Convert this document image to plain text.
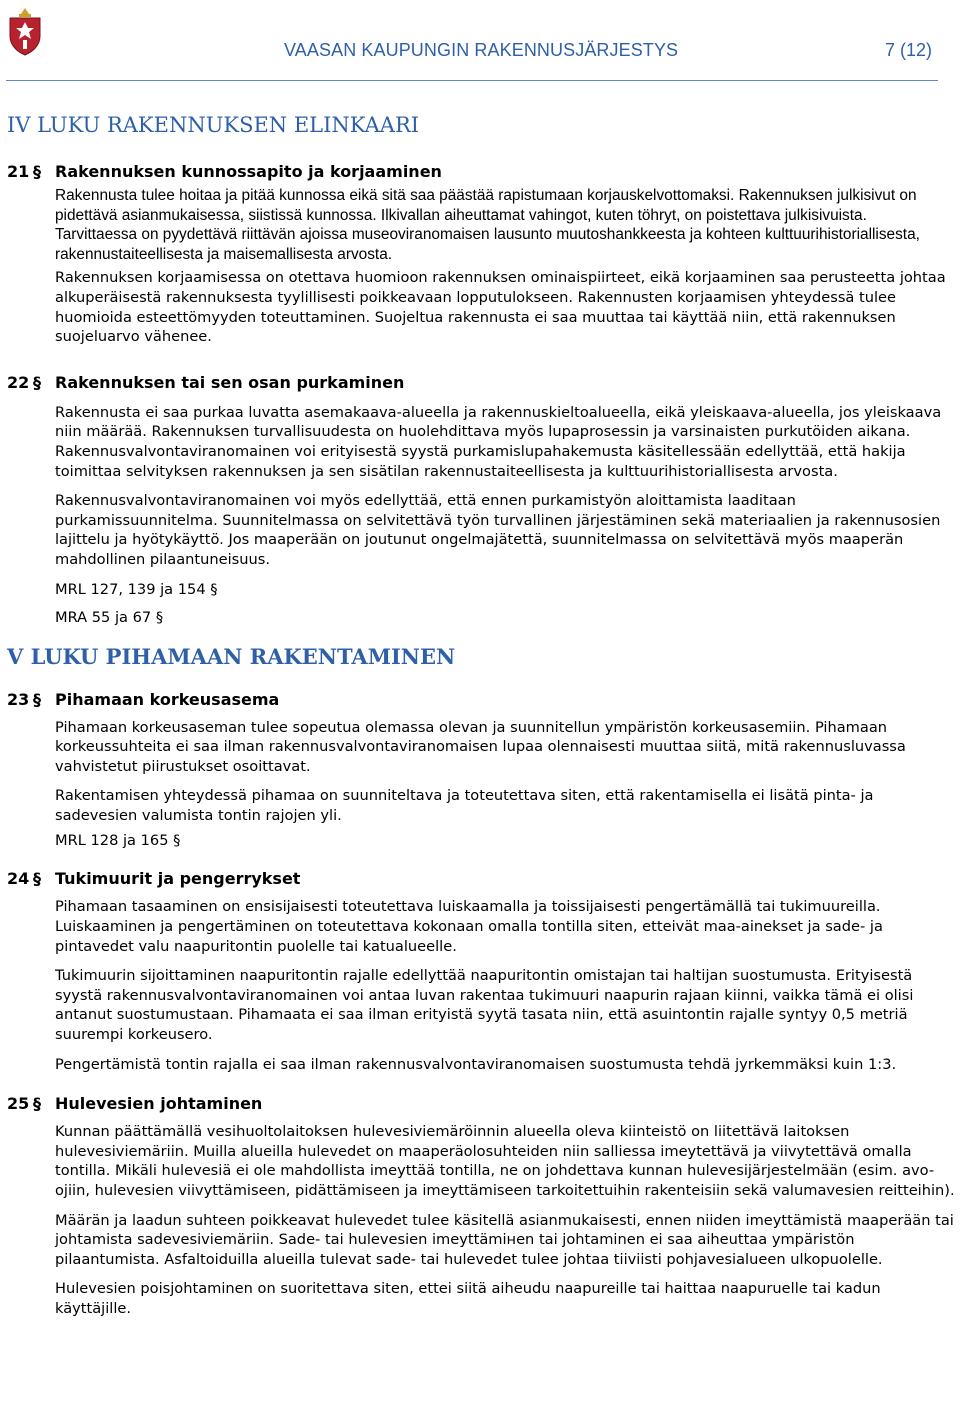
VAASAN KAUPUNGIN RAKENNUSJÄRJESTYS	7 (12)
IV LUKU RAKENNUKSEN ELINKAARI
21 § Rakennuksen kunnossapito ja korjaaminen

Rakennusta tulee hoitaa ja pitää kunnossa eikä sitä saa päästää rapistumaan korjauskelvottomaksi. Rakennuksen julkisivut on pidettävä asianmukaisessa, siistissä kunnossa. Ilkivallan aiheuttamat vahingot, kuten töhryt, on poistettava julkisivuista.

Tarvittaessa on pyydettävä riittävän ajoissa museoviranomaisen lausunto muutoshankkeesta ja kohteen kulttuurihistoriallisesta, rakennustaiteellisesta ja maisemallisesta arvosta.

Rakennuksen korjaamisessa on otettava huomioon rakennuksen ominaispiirteet, eikä korjaaminen saa perusteetta johtaa alkuperäisestä rakennuksesta tyylillisesti poikkeavaan lopputulokseen. Rakennusten korjaamisen yhteydessä tulee huomioida esteettömyyden toteuttaminen. Suojeltua rakennusta ei saa muuttaa tai käyttää niin, että rakennuksen suojeluarvo vähenee.

22 § Rakennuksen tai sen osan purkaminen

Rakennusta ei saa purkaa luvatta asemakaava-alueella ja rakennuskieltoalueella, eikä yleiskaava-alueella, jos yleiskaava niin määrää. Rakennuksen turvallisuudesta on huolehdittava myös lupaprosessin ja varsinaisten purkutöiden aikana. Rakennusvalvontaviranomainen voi erityisestä syystä purkamislupahakemusta käsitellessään edellyttää, että hakija toimittaa selvityksen rakennuksen ja sen sisätilan rakennustaiteellisesta ja kulttuurihistoriallisesta arvosta.

Rakennusvalvontaviranomainen voi myös edellyttää, että ennen purkamistyön aloittamista laaditaan purkamissuunnitelma. Suunnitelmassa on selvitettävä työn turvallinen järjestäminen sekä materiaalien ja rakennusosien lajittelu ja hyötykäyttö. Jos maaperään on joutunut ongelmajätettä, suunnitelmassa on selvitettävä myös maaperän mahdollinen pilaantuneisuus.

MRL 127, 139 ja 154 §
MRA 55 ja 67 §
V LUKU PIHAMAAN RAKENTAMINEN
23 § Pihamaan korkeusasema

Pihamaan korkeusaseman tulee sopeutua olemassa olevan ja suunnitellun ympäristön korkeusasemiin. Pihamaan korkeussuhteita ei saa ilman rakennusvalvontaviranomaisen lupaa olennaisesti muuttaa siitä, mitä rakennusluvassa vahvistetut piirustukset osoittavat.

Rakentamisen yhteydessä pihamaa on suunniteltava ja toteutettava siten, että rakentamisella ei lisätä pinta- ja sadevesien valumista tontin rajojen yli.

MRL 128 ja 165 §
24 § Tukimuurit ja pengerrykset

Pihamaan tasaaminen on ensisijaisesti toteutettava luiskaamalla ja toissijaisesti pengertämällä tai tukimuureilla. Luiskaaminen ja pengertäminen on toteutettava kokonaan omalla tontilla siten, etteivät maa-ainekset ja sade- ja pintavedet valu naapuritontin puolelle tai katualueelle.

Tukimuurin sijoittaminen naapuritontin rajalle edellyttää naapuritontin omistajan tai haltijan suostumusta. Erityisestä syystä rakennusvalvontaviranomainen voi antaa luvan rakentaa tukimuuri naapurin rajaan kiinni, vaikka tämä ei olisi antanut suostumustaan. Pihamaata ei saa ilman erityistä syytä tasata niin, että asuintontin rajalle syntyy 0,5 metriä suurempi korkeusero.

Pengertämistä tontin rajalla ei saa ilman rakennusvalvontaviranomaisen suostumusta tehdä jyrkemmäksi kuin 1:3.

25 § Hulevesien johtaminen

Kunnan päättämällä vesihuoltolaitoksen hulevesiviemäröinnin alueella oleva kiinteistö on liitettävä laitoksen hulevesiviemäriin. Muilla alueilla hulevedet on maaperäolosuhteiden niin salliessa imeytettävä ja viivytettävä omalla tontilla. Mikäli hulevesiä ei ole mahdollista imeyttää tontilla, ne on johdettava kunnan hulevesijärjestelmään (esim. avo-ojiin, hulevesien viivyttämiseen, pidättämiseen ja imeyttämiseen tarkoitettuihin rakenteisiin sekä valumavesien reitteihin).

Määrän ja laadun suhteen poikkeavat hulevedet tulee käsitellä asianmukaisesti, ennen niiden imeyttämistä maaperään tai johtamista sadevesiviemäriin. Sade- tai hulevesien imeyttämінen tai johtaminen ei saa aiheuttaa ympäristön pilaantumista. Asfaltoiduilla alueilla tulevat sade- tai hulevedet tulee johtaa tiiviisti pohjavesialueen ulkopuolelle.

Hulevesien poisjohtaminen on suoritettava siten, ettei siitä aiheudu naapureille tai haittaa naapuruelle tai kadun käyttäjille.
